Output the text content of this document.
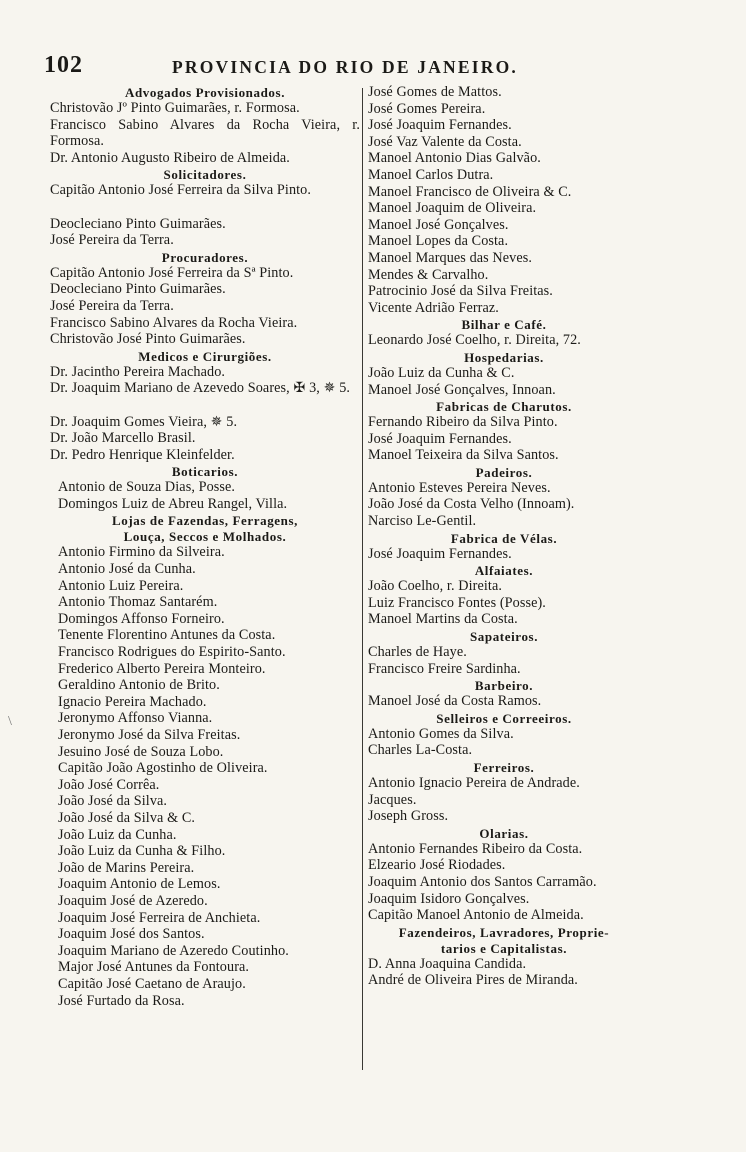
102	PROVINCIA DO RIO DE JANEIRO.
\
Advogados Provisionados.
Christovão Jº Pinto Guimarães, r. Formosa.
Francisco Sabino Alvares da Rocha Vieira, r. Formosa.
Dr. Antonio Augusto Ribeiro de Almeida.
Solicitadores.
Capitão Antonio José Ferreira da Silva Pinto.
Deocleciano Pinto Guimarães.
José Pereira da Terra.
Procuradores.
Capitão Antonio José Ferreira da Sª Pinto.
Deocleciano Pinto Guimarães.
José Pereira da Terra.
Francisco Sabino Alvares da Rocha Vieira.
Christovão José Pinto Guimarães.
Medicos e Cirurgiões.
Dr. Jacintho Pereira Machado.
Dr. Joaquim Mariano de Azevedo Soares, ✠ 3, ✵ 5.
Dr. Joaquim Gomes Vieira, ✵ 5.
Dr. João Marcello Brasil.
Dr. Pedro Henrique Kleinfelder.
Boticarios.
Antonio de Souza Dias, Posse.
Domingos Luiz de Abreu Rangel, Villa.
Lojas de Fazendas, Ferragens,
Louça, Seccos e Molhados.
Antonio Firmino da Silveira.
Antonio José da Cunha.
Antonio Luiz Pereira.
Antonio Thomaz Santarém.
Domingos Affonso Forneiro.
Tenente Florentino Antunes da Costa.
Francisco Rodrigues do Espirito-Santo.
Frederico Alberto Pereira Monteiro.
Geraldino Antonio de Brito.
Ignacio Pereira Machado.
Jeronymo Affonso Vianna.
Jeronymo José da Silva Freitas.
Jesuino José de Souza Lobo.
Capitão João Agostinho de Oliveira.
João José Corrêa.
João José da Silva.
João José da Silva & C.
João Luiz da Cunha.
João Luiz da Cunha & Filho.
João de Marins Pereira.
Joaquim Antonio de Lemos.
Joaquim José de Azeredo.
Joaquim José Ferreira de Anchieta.
Joaquim José dos Santos.
Joaquim Mariano de Azeredo Coutinho.
Major José Antunes da Fontoura.
Capitão José Caetano de Araujo.
José Furtado da Rosa.
José Gomes de Mattos.
José Gomes Pereira.
José Joaquim Fernandes.
José Vaz Valente da Costa.
Manoel Antonio Dias Galvão.
Manoel Carlos Dutra.
Manoel Francisco de Oliveira & C.
Manoel Joaquim de Oliveira.
Manoel José Gonçalves.
Manoel Lopes da Costa.
Manoel Marques das Neves.
Mendes & Carvalho.
Patrocinio José da Silva Freitas.
Vicente Adrião Ferraz.
Bilhar e Café.
Leonardo José Coelho, r. Direita, 72.
Hospedarias.
João Luiz da Cunha & C.
Manoel José Gonçalves, Innoan.
Fabricas de Charutos.
Fernando Ribeiro da Silva Pinto.
José Joaquim Fernandes.
Manoel Teixeira da Silva Santos.
Padeiros.
Antonio Esteves Pereira Neves.
João José da Costa Velho (Innoam).
Narciso Le-Gentil.
Fabrica de Vélas.
José Joaquim Fernandes.
Alfaiates.
João Coelho, r. Direita.
Luiz Francisco Fontes (Posse).
Manoel Martins da Costa.
Sapateiros.
Charles de Haye.
Francisco Freire Sardinha.
Barbeiro.
Manoel José da Costa Ramos.
Selleiros e Correeiros.
Antonio Gomes da Silva.
Charles La-Costa.
Ferreiros.
Antonio Ignacio Pereira de Andrade.
Jacques.
Joseph Gross.
Olarias.
Antonio Fernandes Ribeiro da Costa.
Elzeario José Riodades.
Joaquim Antonio dos Santos Carramão.
Joaquim Isidoro Gonçalves.
Capitão Manoel Antonio de Almeida.
Fazendeiros, Lavradores, Proprie-
tarios e Capitalistas.
D. Anna Joaquina Candida.
André de Oliveira Pires de Miranda.
